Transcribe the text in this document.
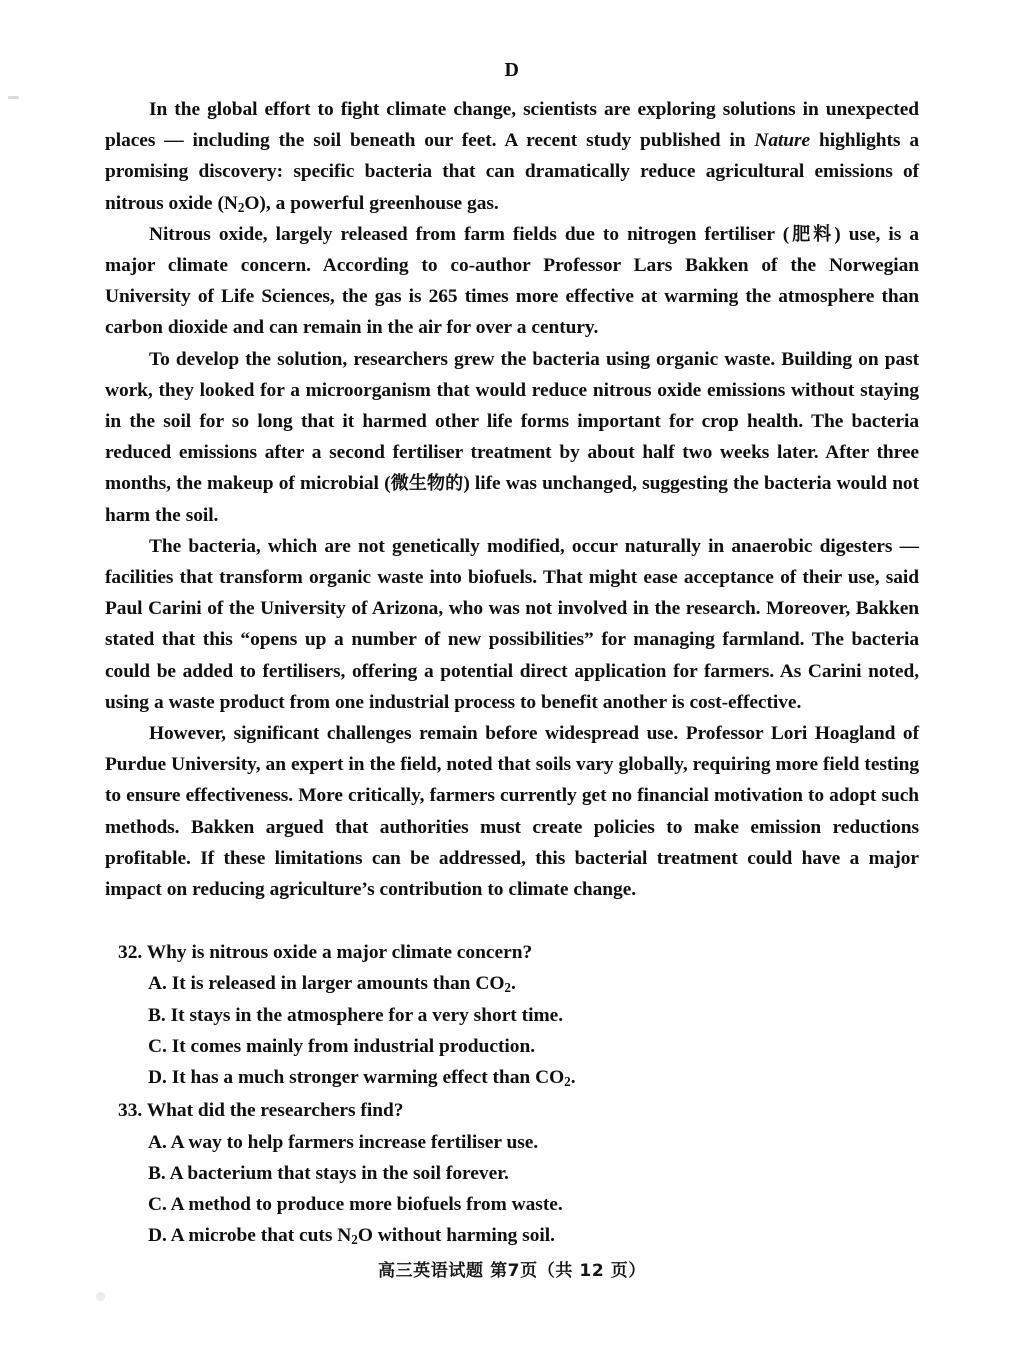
D

In the global effort to fight climate change, scientists are exploring solutions in unexpected places — including the soil beneath our feet. A recent study published in Nature highlights a promising discovery: specific bacteria that can dramatically reduce agricultural emissions of nitrous oxide $(N_2O)$, a powerful greenhouse gas.

Nitrous oxide, largely released from farm fields due to nitrogen fertiliser (肥料) use, is a major climate concern. According to co-author Professor Lars Bakken of the Norwegian University of Life Sciences, the gas is 265 times more effective at warming the atmosphere than carbon dioxide and can remain in the air for over a century.

To develop the solution, researchers grew the bacteria using organic waste. Building on past work, they looked for a microorganism that would reduce nitrous oxide emissions without staying in the soil for so long that it harmed other life forms important for crop health. The bacteria reduced emissions after a second fertiliser treatment by about half two weeks later. After three months, the makeup of microbial (微生物的) life was unchanged, suggesting the bacteria would not harm the soil.

The bacteria, which are not genetically modified, occur naturally in anaerobic digesters — facilities that transform organic waste into biofuels. That might ease acceptance of their use, said Paul Carini of the University of Arizona, who was not involved in the research. Moreover, Bakken stated that this “opens up a number of new possibilities” for managing farmland. The bacteria could be added to fertilisers, offering a potential direct application for farmers. As Carini noted, using a waste product from one industrial process to benefit another is cost-effective.

However, significant challenges remain before widespread use. Professor Lori Hoagland of Purdue University, an expert in the field, noted that soils vary globally, requiring more field testing to ensure effectiveness. More critically, farmers currently get no financial motivation to adopt such methods. Bakken argued that authorities must create policies to make emission reductions profitable. If these limitations can be addressed, this bacterial treatment could have a major impact on reducing agriculture’s contribution to climate change.

32. Why is nitrous oxide a major climate concern?
A. It is released in larger amounts than $CO_2$.
B. It stays in the atmosphere for a very short time.
C. It comes mainly from industrial production.
D. It has a much stronger warming effect than $CO_2$.
33. What did the researchers find?
A. A way to help farmers increase fertiliser use.
B. A bacterium that stays in the soil forever.
C. A method to produce more biofuels from waste.
D. A microbe that cuts $N_2O$ without harming soil.
高三英语试题 第7页（共 12 页）
